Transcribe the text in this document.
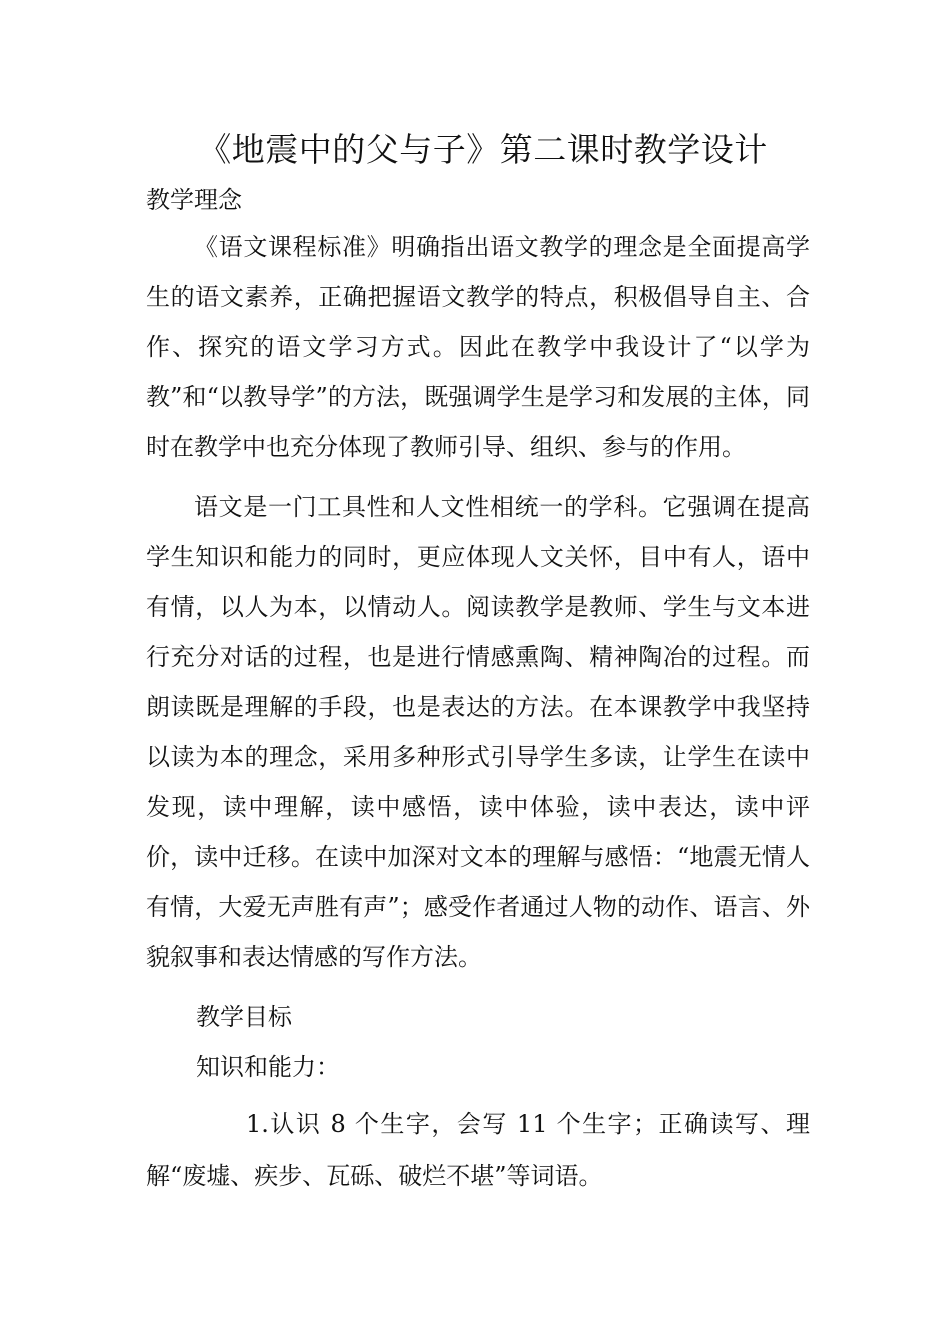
《地震中的父与子》第二课时教学设计
教学理念

《语文课程标准》明确指出语文教学的理念是全面提高学生的语文素养，正确把握语文教学的特点，积极倡导自主、合作、探究的语文学习方式。因此在教学中我设计了“以学为教”和“以教导学”的方法，既强调学生是学习和发展的主体，同时在教学中也充分体现了教师引导、组织、参与的作用。

语文是一门工具性和人文性相统一的学科。它强调在提高学生知识和能力的同时，更应体现人文关怀，目中有人，语中有情，以人为本，以情动人。阅读教学是教师、学生与文本进行充分对话的过程，也是进行情感熏陶、精神陶冶的过程。而朗读既是理解的手段，也是表达的方法。在本课教学中我坚持以读为本的理念，采用多种形式引导学生多读，让学生在读中发现，读中理解，读中感悟，读中体验，读中表达，读中评价，读中迁移。在读中加深对文本的理解与感悟：“地震无情人有情，大爱无声胜有声”；感受作者通过人物的动作、语言、外貌叙事和表达情感的写作方法。

教学目标
知识和能力：
1.认识 8 个生字，会写 11 个生字；正确读写、理解“废墟、疾步、瓦砾、破烂不堪”等词语。
